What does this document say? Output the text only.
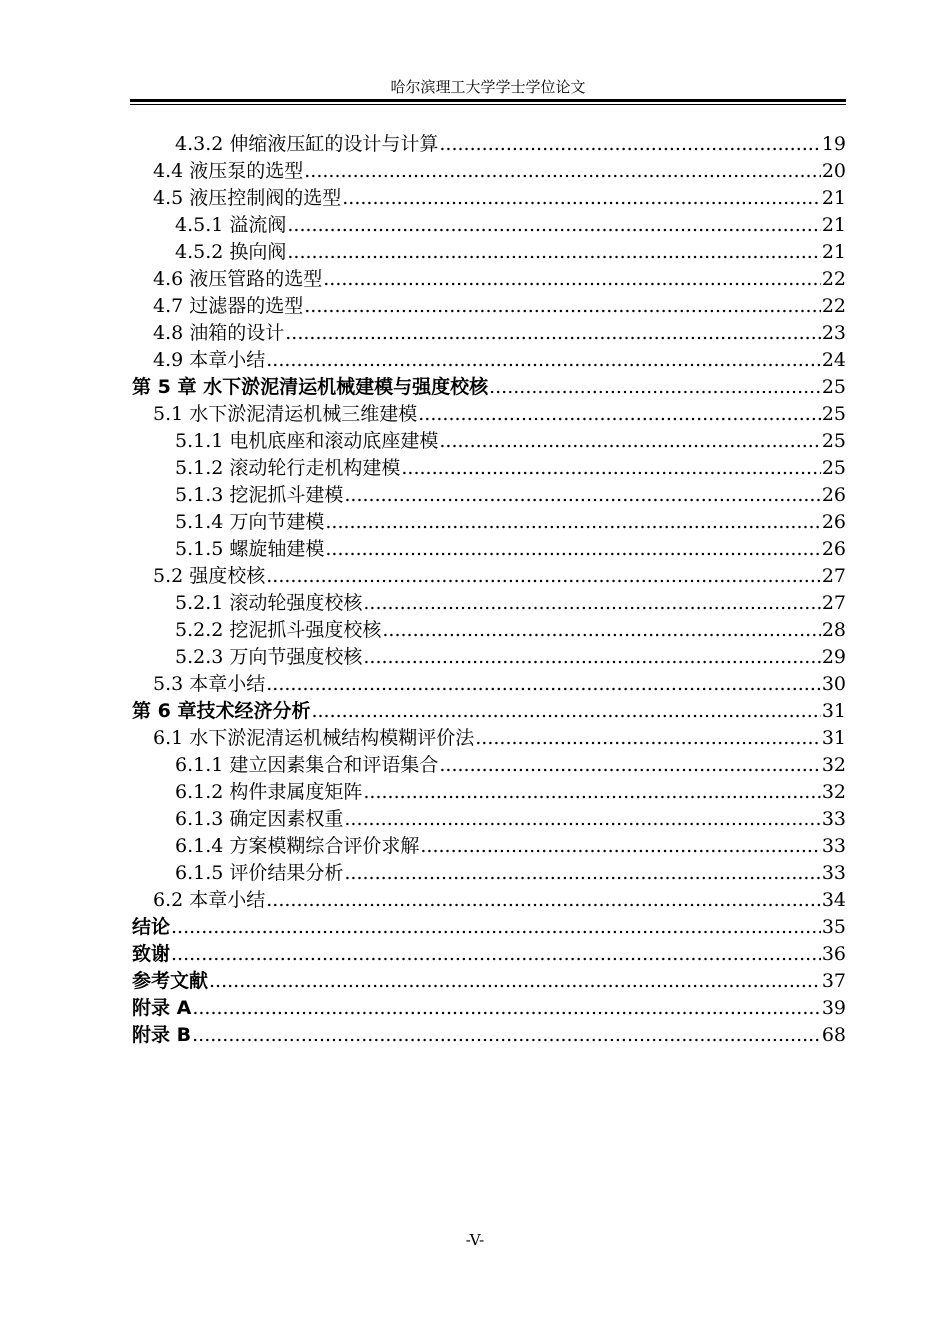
哈尔滨理工大学学士学位论文
4.3.2 伸缩液压缸的设计与计算 .....	19
4.4 液压泵的选型 .....	20
4.5 液压控制阀的选型 .....	21
4.5.1 溢流阀 .....	21
4.5.2 换向阀 .....	21
4.6 液压管路的选型 .....	22
4.7 过滤器的选型 .....	22
4.8 油箱的设计 .....	23
4.9 本章小结 .....	24
第 5 章 水下淤泥清运机械建模与强度校核 .....	25
5.1 水下淤泥清运机械三维建模 .....	25
5.1.1 电机底座和滚动底座建模 .....	25
5.1.2 滚动轮行走机构建模 .....	25
5.1.3 挖泥抓斗建模 .....	26
5.1.4 万向节建模 .....	26
5.1.5 螺旋轴建模 .....	26
5.2 强度校核 .....	27
5.2.1 滚动轮强度校核 .....	27
5.2.2 挖泥抓斗强度校核 .....	28
5.2.3 万向节强度校核 .....	29
5.3 本章小结 .....	30
第 6 章技术经济分析 .....	31
6.1 水下淤泥清运机械结构模糊评价法 .....	31
6.1.1 建立因素集合和评语集合 .....	32
6.1.2 构件隶属度矩阵 .....	32
6.1.3 确定因素权重 .....	33
6.1.4 方案模糊综合评价求解 .....	33
6.1.5 评价结果分析 .....	33
6.2 本章小结 .....	34
结论 .....	35
致谢 .....	36
参考文献 .....	37
附录 A .....	39
附录 B .....	68
-V-
